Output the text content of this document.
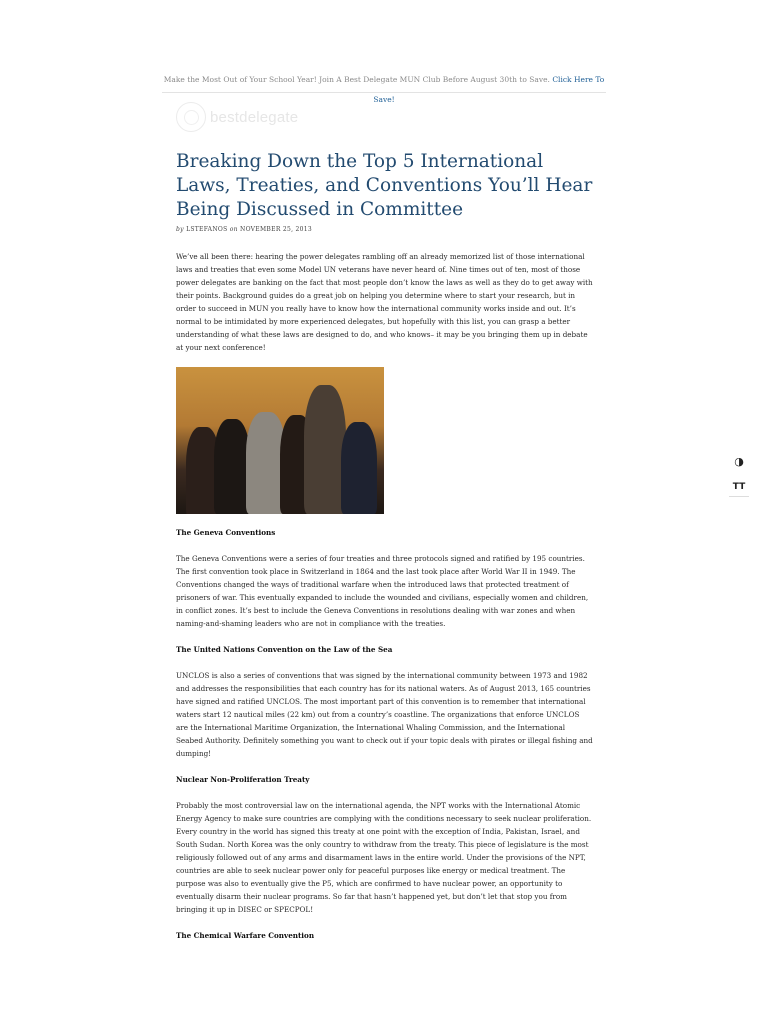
Make the Most Out of Your School Year! Join A Best Delegate MUN Club Before August 30th to Save. Click Here To Save!
bestdelegate
Breaking Down the Top 5 International Laws, Treaties, and Conventions You’ll Hear Being Discussed in Committee
by LSTEFANOS on NOVEMBER 25, 2013

We’ve all been there: hearing the power delegates rambling off an already memorized list of those international laws and treaties that even some Model UN veterans have never heard of. Nine times out of ten, most of those power delegates are banking on the fact that most people don’t know the laws as well as they do to get away with their points. Background guides do a great job on helping you determine where to start your research, but in order to succeed in MUN you really have to know how the international community works inside and out. It’s normal to be intimidated by more experienced delegates, but hopefully with this list, you can grasp a better understanding of what these laws are designed to do, and who knows– it may be you bringing them up in debate at your next conference!

The Geneva Conventions

The Geneva Conventions were a series of four treaties and three protocols signed and ratified by 195 countries. The first convention took place in Switzerland in 1864 and the last took place after World War II in 1949. The Conventions changed the ways of traditional warfare when the introduced laws that protected treatment of prisoners of war. This eventually expanded to include the wounded and civilians, especially women and children, in conflict zones. It’s best to include the Geneva Conventions in resolutions dealing with war zones and when naming-and-shaming leaders who are not in compliance with the treaties.

The United Nations Convention on the Law of the Sea

UNCLOS is also a series of conventions that was signed by the international community between 1973 and 1982 and addresses the responsibilities that each country has for its national waters. As of August 2013, 165 countries have signed and ratified UNCLOS. The most important part of this convention is to remember that international waters start 12 nautical miles (22 km) out from a country’s coastline. The organizations that enforce UNCLOS are the International Maritime Organization, the International Whaling Commission, and the International Seabed Authority. Definitely something you want to check out if your topic deals with pirates or illegal fishing and dumping!

Nuclear Non-Proliferation Treaty

Probably the most controversial law on the international agenda, the NPT works with the International Atomic Energy Agency to make sure countries are complying with the conditions necessary to seek nuclear proliferation. Every country in the world has signed this treaty at one point with the exception of India, Pakistan, Israel, and South Sudan. North Korea was the only country to withdraw from the treaty. This piece of legislature is the most religiously followed out of any arms and disarmament laws in the entire world. Under the provisions of the NPT, countries are able to seek nuclear power only for peaceful purposes like energy or medical treatment. The purpose was also to eventually give the P5, which are confirmed to have nuclear power, an opportunity to eventually disarm their nuclear programs. So far that hasn’t happened yet, but don’t let that stop you from bringing it up in DISEC or SPECPOL!

The Chemical Warfare Convention
◑
TT
